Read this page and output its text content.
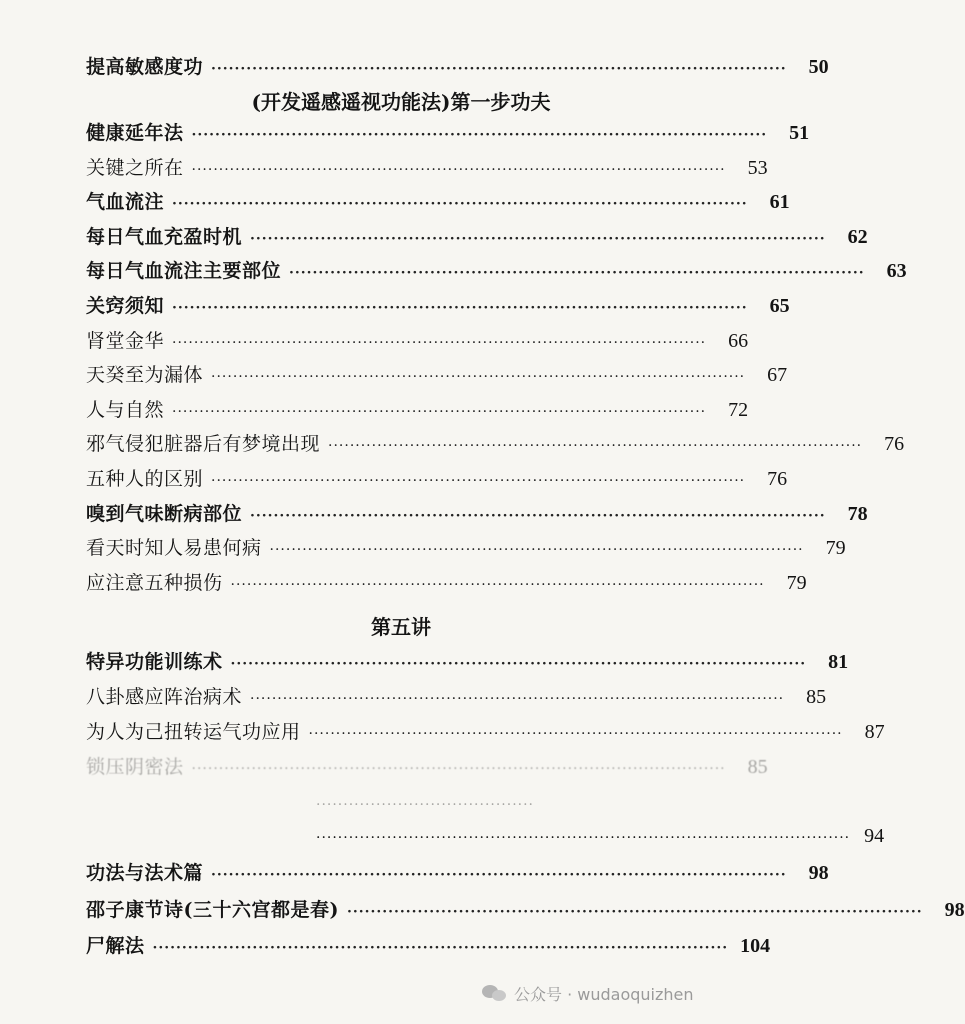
提高敏感度功 ··································································································	50
(开发遥感遥视功能法)第一步功夫
健康延年法 ··································································································	51
关键之所在 ··································································································	53
气血流注 ··································································································	61
每日气血充盈时机 ··································································································	62
每日气血流注主要部位 ··································································································	63
关窍须知 ··································································································	65
肾堂金华 ··································································································	66
天癸至为漏体 ··································································································	67
人与自然 ··································································································	72
邪气侵犯脏器后有梦境出现 ··································································································	76
五种人的区别 ··································································································	76
嗅到气味断病部位 ··································································································	78
看天时知人易患何病 ··································································································	79
应注意五种损伤 ··································································································	79
第五讲
特异功能训练术 ··································································································	81
八卦感应阵治病术 ··································································································	85
为人为己扭转运气功应用 ··································································································	87
锁压阴密法 ··································································································	85
········································
·································································································· 94
功法与法术篇 ··································································································	98
邵子康节诗(三十六宫都是春) ··································································································	98
尸解法 ·································································································· 104
公众号 · wudaoquizhen
